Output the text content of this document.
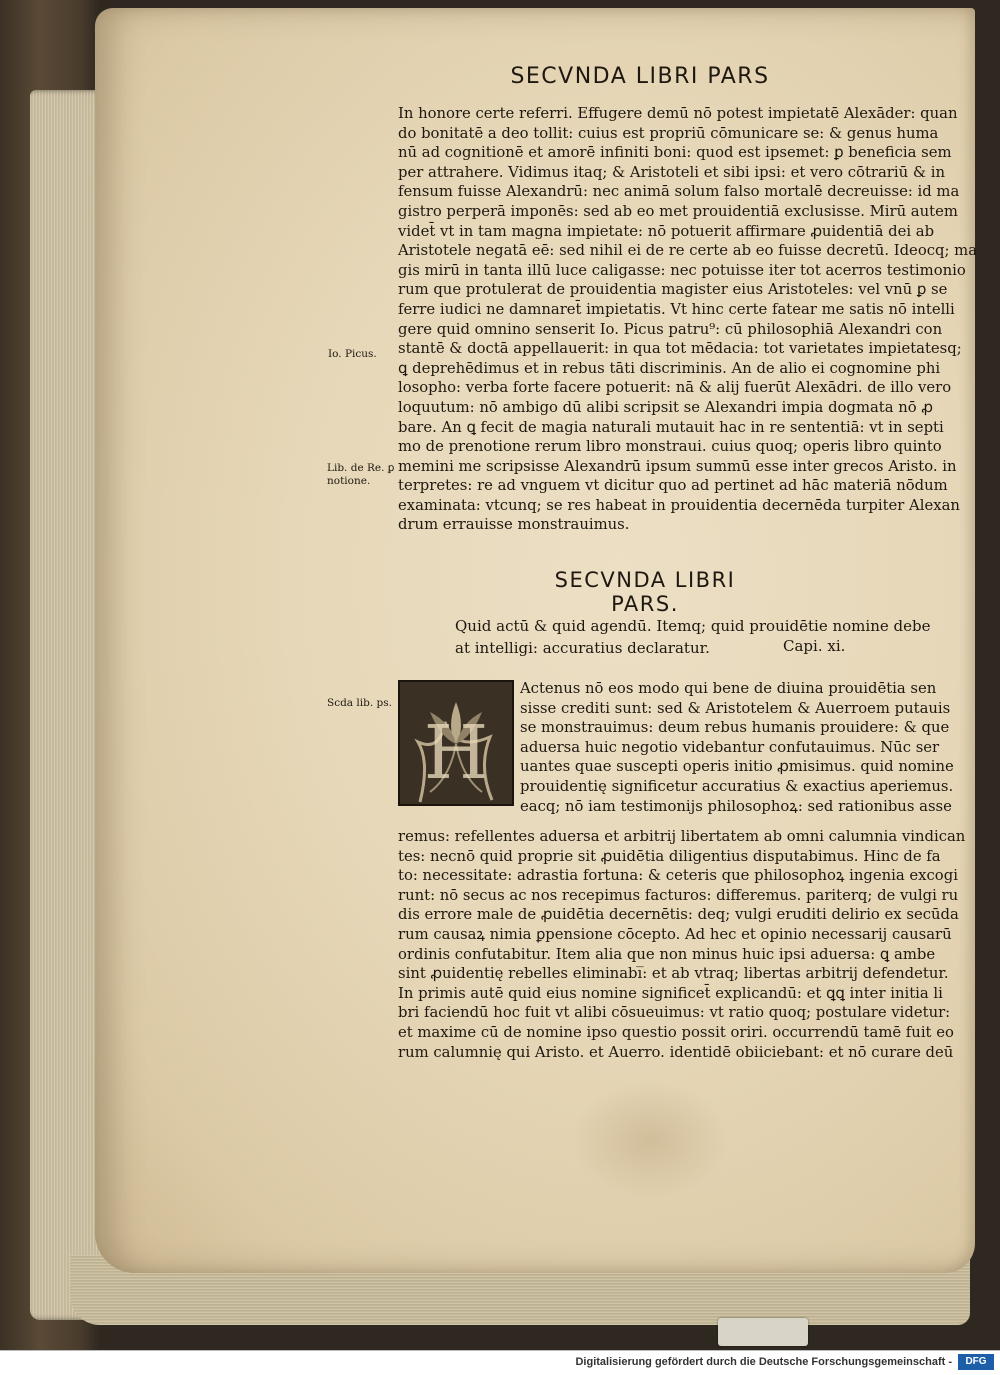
SECVNDA LIBRI PARS
In honore certe referri. Effugere demū nō potest impietatē Alexāder: quan
do bonitatē a deo tollit: cuius est propriū cōmunicare se: & genus huma
nū ad cognitionē et amorē infiniti boni: quod est ipsemet: ꝑ beneficia sem
per attrahere. Vidimus itaq; & Aristoteli et sibi ipsi: et vero cōtrariū & in
fensum fuisse Alexandrū: nec animā solum falso mortalē decreuisse: id ma
gistro perperā imponēs: sed ab eo met prouidentiā exclusisse. Mirū autem
videt̄ vt in tam magna impietate: nō potuerit affirmare ꝓuidentiā dei ab
Aristotele negatā eē: sed nihil ei de re certe ab eo fuisse decretū. Ideocq; ma
gis mirū in tanta illū luce caligasse: nec potuisse iter tot acerros testimonio
rum que protulerat de prouidentia magister eius Aristoteles: vel vnū ꝑ se
ferre iudici ne damnaret̄ impietatis. Vt hinc certe fatear me satis nō intelli
gere quid omnino senserit Io. Picus patru⁹: cū philosophiā Alexandri con
stantē & doctā appellauerit: in qua tot mēdacia: tot varietates impietatesq;
ꝗ deprehēdimus et in rebus tāti discriminis. An de alio ei cognomine phi
losopho: verba forte facere potuerit: nā & alij fuerūt Alexādri. de illo vero
loquutum: nō ambigo dū alibi scripsit se Alexandri impia dogmata nō ꝓ
bare. An ꝗ fecit de magia naturali mutauit hac in re sententiā: vt in septi
mo de prenotione rerum libro monstraui. cuius quoq; operis libro quinto
memini me scripsisse Alexandrū ipsum summū esse inter grecos Aristo. in
terpretes: re ad vnguem vt dicitur quo ad pertinet ad hāc materiā nōdum
examinata: vtcunq; se res habeat in prouidentia decernēda turpiter Alexan
drum errauisse monstrauimus.
Io. Picus.
Lib. de Re. ꝑ
notione.
SECVNDA LIBRI PARS.
Quid actū & quid agendū. Itemq; quid prouidētie nomine debe
at intelligi: accuratius declaratur.	Capi. xi.
Scda lib. ps.
H
Actenus nō eos modo qui bene de diuina prouidētia sen
sisse crediti sunt: sed & Aristotelem & Auerroem putauis
se monstrauimus: deum rebus humanis prouidere: & que
aduersa huic negotio videbantur confutauimus. Nūc ser
uantes quae suscepti operis initio ꝓmisimus. quid nomine
prouidentię significetur accuratius & exactius aperiemus.
eacq; nō iam testimonijs philosophoꝝ: sed rationibus asse
remus: refellentes aduersa et arbitrij libertatem ab omni calumnia vindican
tes: necnō quid proprie sit ꝓuidētia diligentius disputabimus. Hinc de fa
to: necessitate: adrastia fortuna: & ceteris que philosophoꝝ ingenia excogi
runt: nō secus ac nos recepimus facturos: differemus. pariterq; de vulgi ru
dis errore male de ꝓuidētia decernētis: deq; vulgi eruditi delirio ex secūda
rum causaꝝ nimia ꝑpensione cōcepto. Ad hec et opinio necessarij causarū
ordinis confutabitur. Item alia que non minus huic ipsi aduersa: ꝗ ambe
sint ꝓuidentię rebelles eliminabi̅: et ab vtraq; libertas arbitrij defendetur.
In primis autē quid eius nomine significet̄ explicandū: et ꝗꝗ inter initia li
bri faciendū hoc fuit vt alibi cōsueuimus: vt ratio quoq; postulare videtur:
et maxime cū de nomine ipso questio possit oriri. occurrendū tamē fuit eo
rum calumnię qui Aristo. et Auerro. identidē obiiciebant: et nō curare deū
Digitalisierung gefördert durch die Deutsche Forschungsgemeinschaft -	DFG
